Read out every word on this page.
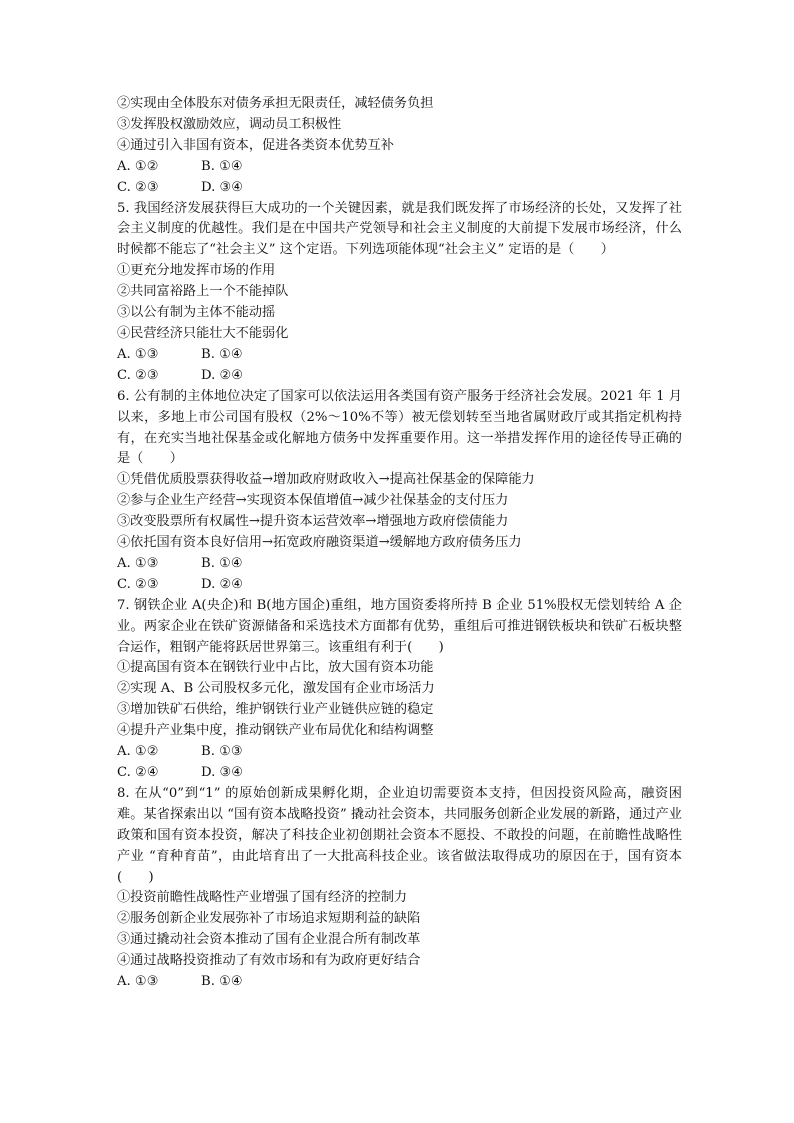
②实现由全体股东对债务承担无限责任，减轻债务负担
③发挥股权激励效应，调动员工积极性
④通过引入非国有资本，促进各类资本优势互补
A. ①②	B. ①④
C. ②③	D. ③④
5. 我国经济发展获得巨大成功的一个关键因素，就是我们既发挥了市场经济的长处，又发挥了社会主义制度的优越性。我们是在中国共产党领导和社会主义制度的大前提下发展市场经济，什么时候都不能忘了“社会主义” 这个定语。下列选项能体现“社会主义” 定语的是（　　）
①更充分地发挥市场的作用
②共同富裕路上一个不能掉队
③以公有制为主体不能动摇
④民营经济只能壮大不能弱化
A. ①③	B. ①④
C. ②③	D. ②④
6. 公有制的主体地位决定了国家可以依法运用各类国有资产服务于经济社会发展。2021 年 1 月以来，多地上市公司国有股权（2%～10%不等）被无偿划转至当地省属财政厅或其指定机构持有，在充实当地社保基金或化解地方债务中发挥重要作用。这一举措发挥作用的途径传导正确的是（　　）
①凭借优质股票获得收益→增加政府财政收入→提高社保基金的保障能力
②参与企业生产经营→实现资本保值增值→减少社保基金的支付压力
③改变股票所有权属性→提升资本运营效率→增强地方政府偿债能力
④依托国有资本良好信用→拓宽政府融资渠道→缓解地方政府债务压力
A. ①③	B. ①④
C. ②③	D. ②④
7. 钢铁企业 A(央企)和 B(地方国企)重组，地方国资委将所持 B 企业 51%股权无偿划转给 A 企业。两家企业在铁矿资源储备和采选技术方面都有优势，重组后可推进钢铁板块和铁矿石板块整合运作，粗钢产能将跃居世界第三。该重组有利于(　　)
①提高国有资本在钢铁行业中占比，放大国有资本功能
②实现 A、B 公司股权多元化，激发国有企业市场活力
③增加铁矿石供给，维护钢铁行业产业链供应链的稳定
④提升产业集中度，推动钢铁产业布局优化和结构调整
A. ①②	B. ①③
C. ②④	D. ③④
8. 在从“0”到“1” 的原始创新成果孵化期，企业迫切需要资本支持，但因投资风险高，融资困难。某省探索出以 “国有资本战略投资” 撬动社会资本，共同服务创新企业发展的新路，通过产业政策和国有资本投资，解决了科技企业初创期社会资本不愿投、不敢投的问题，在前瞻性战略性产业 “育种育苗”，由此培育出了一大批高科技企业。该省做法取得成功的原因在于，国有资本(　　)
①投资前瞻性战略性产业增强了国有经济的控制力
②服务创新企业发展弥补了市场追求短期利益的缺陷
③通过撬动社会资本推动了国有企业混合所有制改革
④通过战略投资推动了有效市场和有为政府更好结合
A. ①③	B. ①④
